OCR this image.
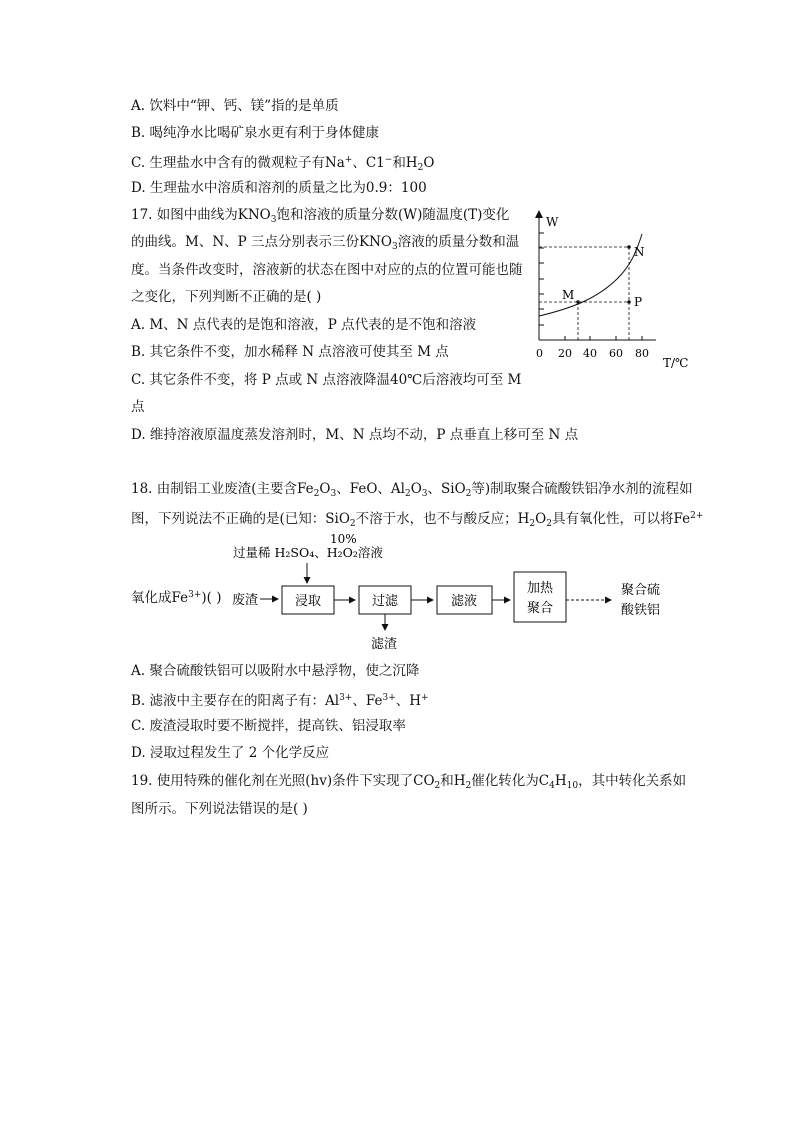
A. 饮料中“钾、钙、镁”指的是单质
B. 喝纯净水比喝矿泉水更有利于身体健康
C. 生理盐水中含有的微观粒子有Na+、C1−和$H_2O$
D. 生理盐水中溶质和溶剂的质量之比为0.9：100
17. 如图中曲线为$KNO_3$饱和溶液的质量分数(W)随温度(T)变化
的曲线。M、N、P 三点分别表示三份$KNO_3$溶液的质量分数和温
度。当条件改变时，溶液新的状态在图中对应的点的位置可能也随
之变化，下列判断不正确的是( )
A. M、N 点代表的是饱和溶液，P 点代表的是不饱和溶液
B. 其它条件不变，加水稀释 N 点溶液可使其至 M 点
C. 其它条件不变，将 P 点或 N 点溶液降温40℃后溶液均可至 M
点
D. 维持溶液原温度蒸发溶剂时，M、N 点均不动，P 点垂直上移可至 N 点
W
N
M	P
0 20 40 60 80
T/℃
18. 由制铝工业废渣(主要含$Fe_2O_3$、FeO、$Al_2O_3$、SiO$_2$等)制取聚合硫酸铁铝净水剂的流程如
图，下列说法不正确的是(已知：SiO$_2$不溶于水，也不与酸反应；$H_2O_2$具有氧化性，可以将$Fe^{2+}$
氧化成$Fe^{3+}$)( )
10%
过量稀 H₂SO₄、H₂O₂溶液
废渣	浸取	过滤
滤渣
滤液
加热
聚合
聚合硫
酸铁铝
A. 聚合硫酸铁铝可以吸附水中悬浮物，使之沉降
B. 滤液中主要存在的阳离子有：$Al^{3+}$、$Fe^{3+}$、H+
C. 废渣浸取时要不断搅拌，提高铁、铝浸取率
D. 浸取过程发生了 2 个化学反应
19. 使用特殊的催化剂在光照(hv)条件下实现了$CO_2$和$H_2$催化转化为$C_4H_{10}$，其中转化关系如
图所示。下列说法错误的是( )
